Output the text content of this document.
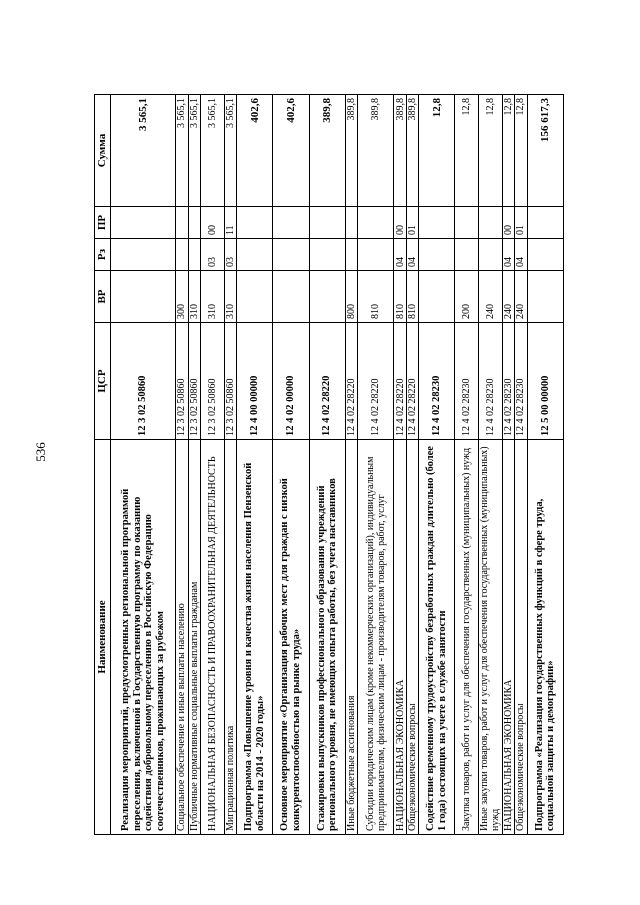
536
Наименование	ЦСР	ВР	Рз	ПР	Сумма
Реализация мероприятий, предусмотренных региональной программой переселения, включенной в Государственную программу по оказанию содействия добровольному переселению в Российскую Федерацию соотечественников, проживающих за рубежом	12 3 02 50860				3 565,1
Социальное обеспечение и иные выплаты населению	12 3 02 50860	300			3 565,1
Публичные нормативные социальные выплаты гражданам	12 3 02 50860	310			3 565,1
НАЦИОНАЛЬНАЯ БЕЗОПАСНОСТЬ И ПРАВООХРАНИТЕЛЬНАЯ ДЕЯТЕЛЬНОСТЬ	12 3 02 50860	310	03	00	3 565,1
Миграционная политика	12 3 02 50860	310	03	11	3 565,1
Подпрограмма «Повышение уровня и качества жизни населения Пензенской области на 2014 - 2020 годы»	12 4 00 00000				402,6
Основное мероприятие «Организация рабочих мест для граждан с низкой конкурентоспособностью на рынке труда»	12 4 02 00000				402,6
Стажировки выпускников профессионального образования учреждений регионального уровня, не имеющих опыта работы, без учета наставников	12 4 02 28220				389,8
Иные бюджетные ассигнования	12 4 02 28220	800			389,8
Субсидии юридическим лицам (кроме некоммерческих организаций), индивидуальным предпринимателям, физическим лицам - производителям товаров, работ, услуг	12 4 02 28220	810			389,8
НАЦИОНАЛЬНАЯ ЭКОНОМИКА	12 4 02 28220	810	04	00	389,8
Общеэкономические вопросы	12 4 02 28220	810	04	01	389,8
Содействие временному трудоустройству безработных граждан длительно (более 1 года) состоящих на учете в службе занятости	12 4 02 28230				12,8
Закупка товаров, работ и услуг для обеспечения государственных (муниципальных) нужд	12 4 02 28230	200			12,8
Иные закупки товаров, работ и услуг для обеспечения государственных (муниципальных) нужд	12 4 02 28230	240			12,8
НАЦИОНАЛЬНАЯ ЭКОНОМИКА	12 4 02 28230	240	04	00	12,8
Общеэкономические вопросы	12 4 02 28230	240	04	01	12,8
Подпрограмма «Реализация государственных функций в сфере труда, социальной защиты и демографии»	12 5 00 00000				156 617,3
